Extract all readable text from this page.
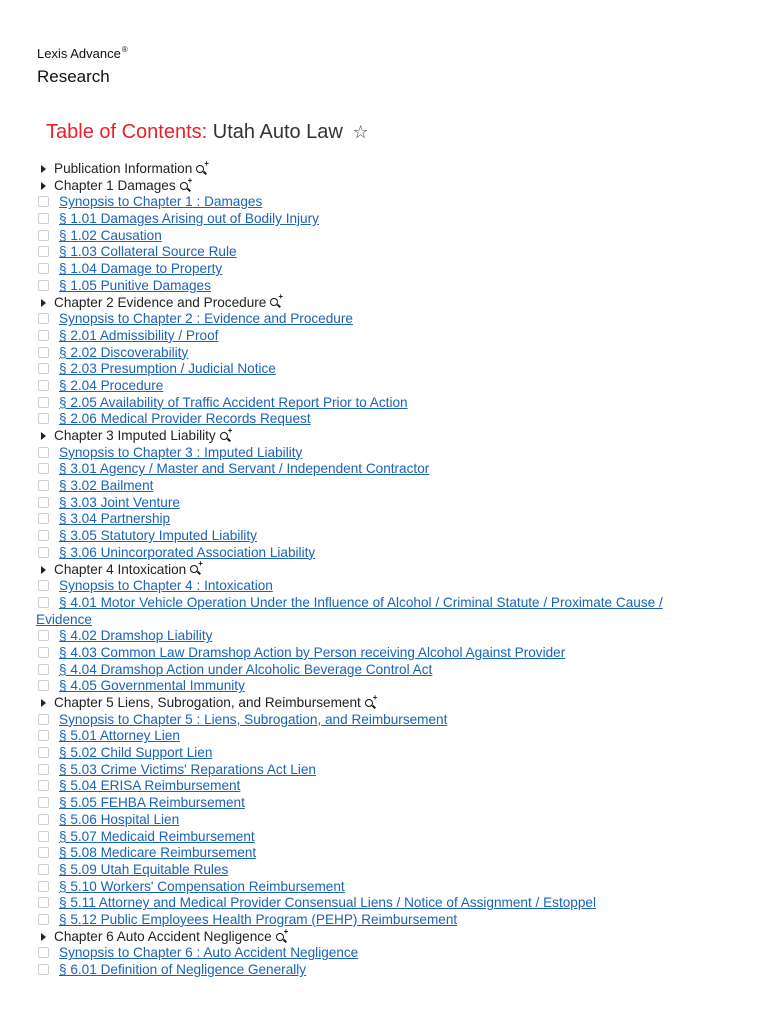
Lexis Advance®
Research
Table of Contents: Utah Auto Law ☆
Publication Information +
Chapter 1 Damages +
Synopsis to Chapter 1 : Damages
§ 1.01 Damages Arising out of Bodily Injury
§ 1.02 Causation
§ 1.03 Collateral Source Rule
§ 1.04 Damage to Property
§ 1.05 Punitive Damages
Chapter 2 Evidence and Procedure +
Synopsis to Chapter 2 : Evidence and Procedure
§ 2.01 Admissibility / Proof
§ 2.02 Discoverability
§ 2.03 Presumption / Judicial Notice
§ 2.04 Procedure
§ 2.05 Availability of Traffic Accident Report Prior to Action
§ 2.06 Medical Provider Records Request
Chapter 3 Imputed Liability +
Synopsis to Chapter 3 : Imputed Liability
§ 3.01 Agency / Master and Servant / Independent Contractor
§ 3.02 Bailment
§ 3.03 Joint Venture
§ 3.04 Partnership
§ 3.05 Statutory Imputed Liability
§ 3.06 Unincorporated Association Liability
Chapter 4 Intoxication +
Synopsis to Chapter 4 : Intoxication
§ 4.01 Motor Vehicle Operation Under the Influence of Alcohol / Criminal Statute / Proximate Cause / Evidence
§ 4.02 Dramshop Liability
§ 4.03 Common Law Dramshop Action by Person receiving Alcohol Against Provider
§ 4.04 Dramshop Action under Alcoholic Beverage Control Act
§ 4.05 Governmental Immunity
Chapter 5 Liens, Subrogation, and Reimbursement +
Synopsis to Chapter 5 : Liens, Subrogation, and Reimbursement
§ 5.01 Attorney Lien
§ 5.02 Child Support Lien
§ 5.03 Crime Victims' Reparations Act Lien
§ 5.04 ERISA Reimbursement
§ 5.05 FEHBA Reimbursement
§ 5.06 Hospital Lien
§ 5.07 Medicaid Reimbursement
§ 5.08 Medicare Reimbursement
§ 5.09 Utah Equitable Rules
§ 5.10 Workers' Compensation Reimbursement
§ 5.11 Attorney and Medical Provider Consensual Liens / Notice of Assignment / Estoppel
§ 5.12 Public Employees Health Program (PEHP) Reimbursement
Chapter 6 Auto Accident Negligence +
Synopsis to Chapter 6 : Auto Accident Negligence
§ 6.01 Definition of Negligence Generally
